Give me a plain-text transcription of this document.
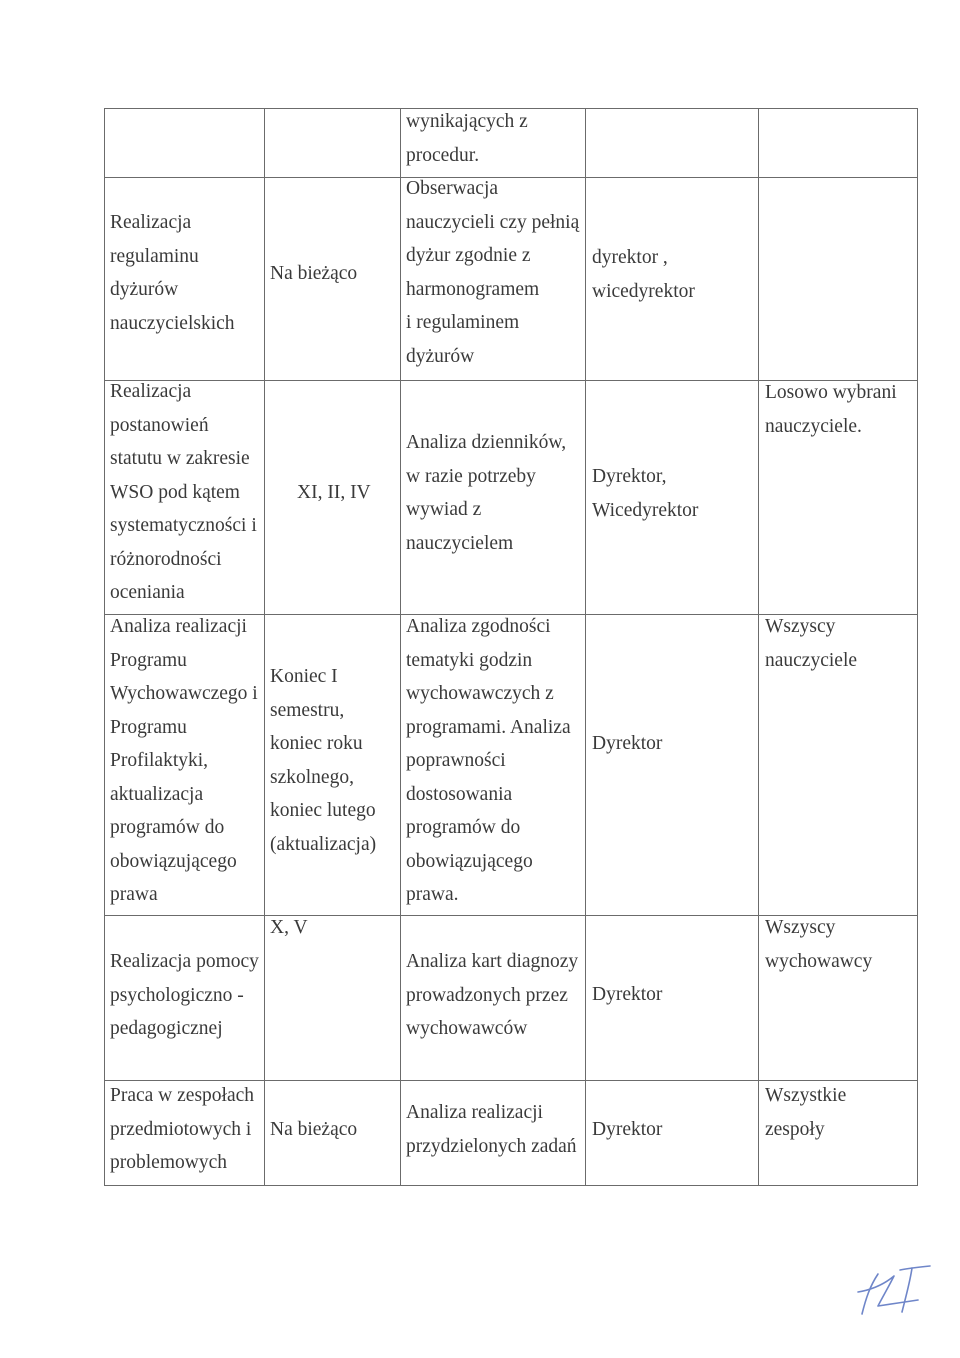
wynikających z
procedur.
Realizacja
regulaminu
dyżurów
nauczycielskich
Na bieżąco
Obserwacja
nauczycieli czy pełnią
dyżur zgodnie z
harmonogramem
i regulaminem
dyżurów
dyrektor ,
wicedyrektor
Realizacja
postanowień
statutu w zakresie
WSO pod kątem
systematyczności i
różnorodności
oceniania
XI, II, IV
Analiza dzienników,
w razie potrzeby
wywiad z
nauczycielem
Dyrektor,
Wicedyrektor
Losowo wybrani
nauczyciele.
Analiza realizacji
Programu
Wychowawczego i
Programu
Profilaktyki,
aktualizacja
programów do
obowiązującego
prawa
Koniec I
semestru,
koniec roku
szkolnego,
koniec lutego
(aktualizacja)
Analiza zgodności
tematyki godzin
wychowawczych z
programami. Analiza
poprawności
dostosowania
programów do
obowiązującego
prawa.
Dyrektor
Wszyscy
nauczyciele
Realizacja pomocy
psychologiczno -
pedagogicznej
X, V
Analiza kart diagnozy
prowadzonych przez
wychowawców
Dyrektor
Wszyscy
wychowawcy
Praca w zespołach
przedmiotowych i
problemowych
Na bieżąco
Analiza realizacji
przydzielonych zadań
Dyrektor
Wszystkie
zespoły
